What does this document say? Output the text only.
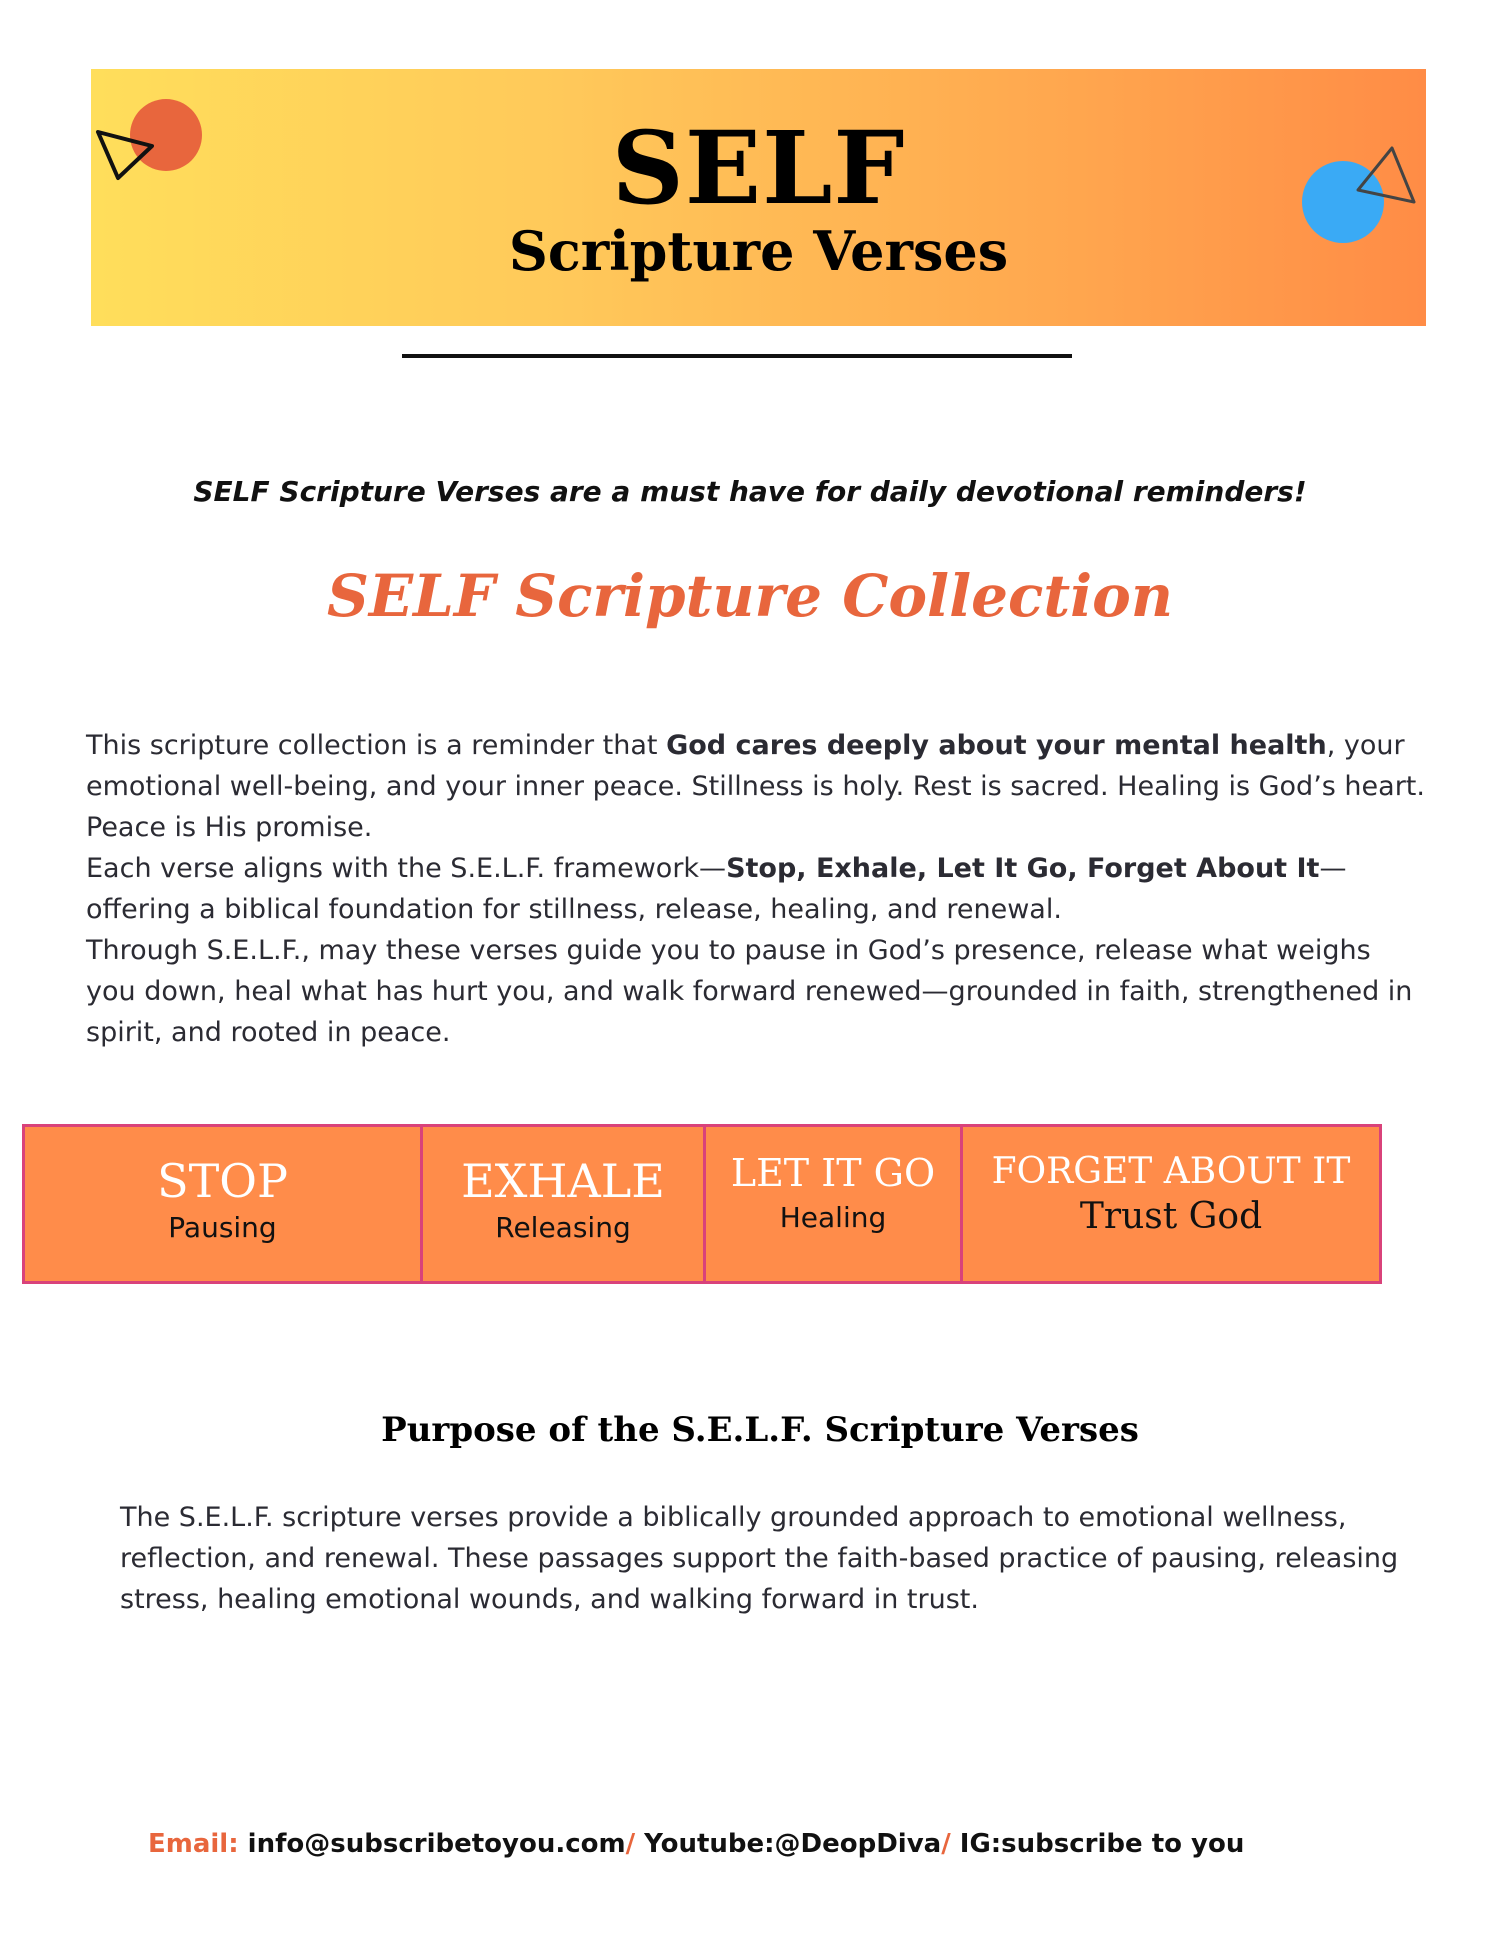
SELF
Scripture Verses
SELF Scripture Verses are a must have for daily devotional reminders!
SELF Scripture Collection

This scripture collection is a reminder that God cares deeply about your mental health, your emotional well-being, and your inner peace. Stillness is holy. Rest is sacred. Healing is God’s heart. Peace is His promise.

Each verse aligns with the S.E.L.F. framework—Stop, Exhale, Let It Go, Forget About It—offering a biblical foundation for stillness, release, healing, and renewal.

Through S.E.L.F., may these verses guide you to pause in God’s presence, release what weighs you down, heal what has hurt you, and walk forward renewed—grounded in faith, strengthened in spirit, and rooted in peace.

STOP
Pausing
EXHALE
Releasing
LET IT GO
Healing
FORGET ABOUT IT
Trust God
Purpose of the S.E.L.F. Scripture Verses

The S.E.L.F. scripture verses provide a biblically grounded approach to emotional wellness, reflection, and renewal. These passages support the faith-based practice of pausing, releasing stress, healing emotional wounds, and walking forward in trust.

Email: info@subscribetoyou.com/ Youtube:@DeopDiva/ IG:subscribe to you
